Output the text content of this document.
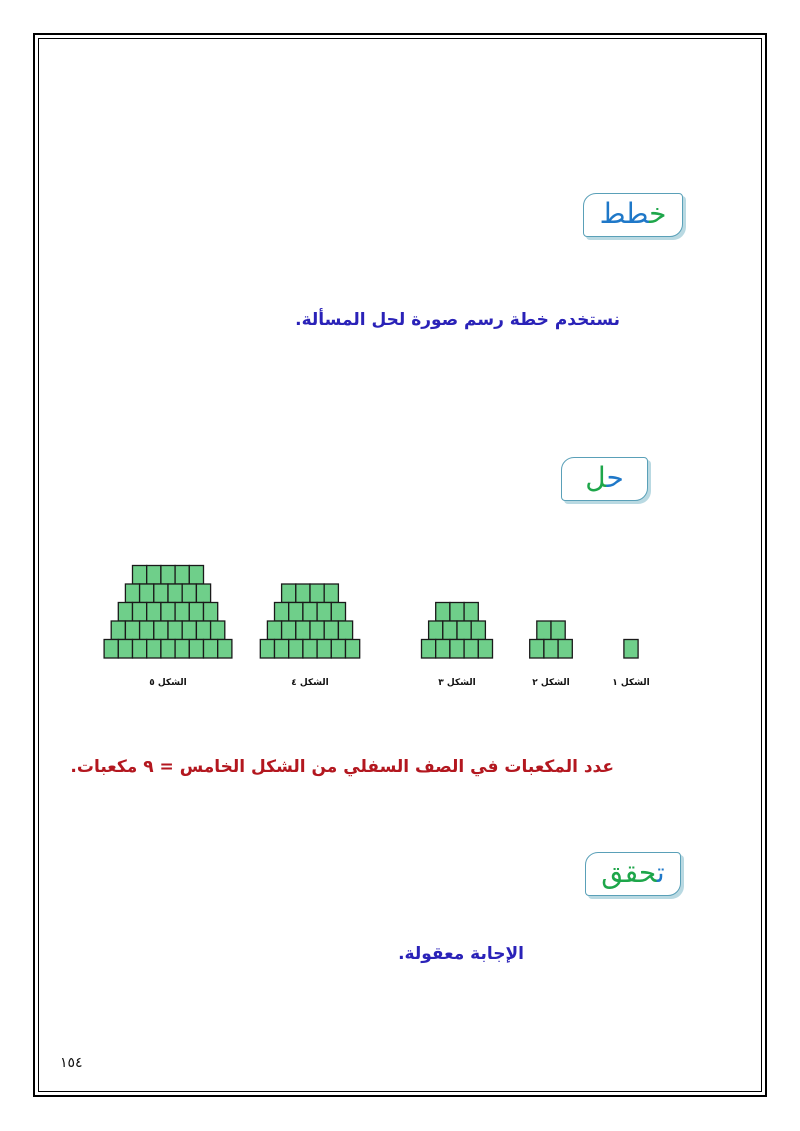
خطط
نستخدم خطة رسم صورة لحل المسألة.
حل
الشكل ١
الشكل ٢
الشكل ٣
الشكل ٤
الشكل ٥
عدد المكعبات في الصف السفلي من الشكل الخامس = ٩ مكعبات.
تحقق
الإجابة معقولة.
١٥٤
